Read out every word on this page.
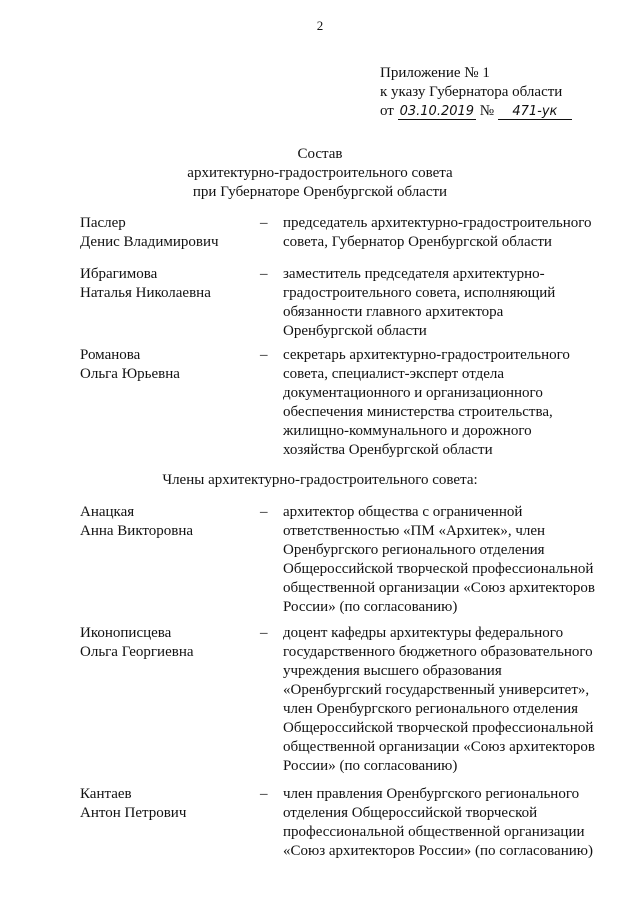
2
Приложение № 1
к указу Губернатора области
от 03.10.2019 № 471-ук
Состав
архитектурно-градостроительного совета
при Губернаторе Оренбургской области
Паслер
Денис Владимирович
– председатель архитектурно-градостроительного
совета, Губернатор Оренбургской области
Ибрагимова
Наталья Николаевна
– заместитель председателя архитектурно-
градостроительного совета, исполняющий
обязанности главного архитектора
Оренбургской области
Романова
Ольга Юрьевна
– секретарь архитектурно-градостроительного
совета, специалист-эксперт отдела
документационного и организационного
обеспечения министерства строительства,
жилищно-коммунального и дорожного
хозяйства Оренбургской области
Члены архитектурно-градостроительного совета:
Анацкая
Анна Викторовна
– архитектор общества с ограниченной
ответственностью «ПМ «Архитек», член
Оренбургского регионального отделения
Общероссийской творческой профессиональной
общественной организации «Союз архитекторов
России» (по согласованию)
Иконописцева
Ольга Георгиевна
– доцент кафедры архитектуры федерального
государственного бюджетного образовательного
учреждения высшего образования
«Оренбургский государственный университет»,
член Оренбургского регионального отделения
Общероссийской творческой профессиональной
общественной организации «Союз архитекторов
России» (по согласованию)
Кантаев
Антон Петрович
– член правления Оренбургского регионального
отделения Общероссийской творческой
профессиональной общественной организации
«Союз архитекторов России» (по согласованию)
